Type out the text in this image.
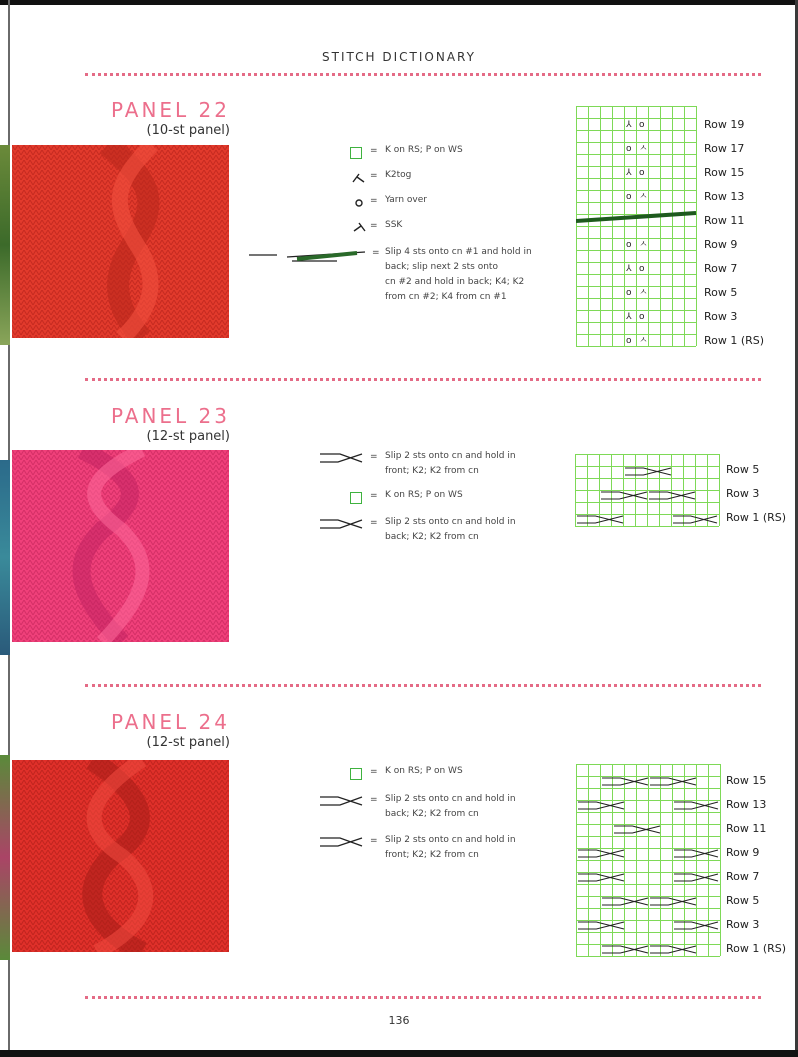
STITCH DICTIONARY
PANEL 22
(10-st panel)
= K on RS; P on WS
= K2tog
= Yarn over
= SSK
= Slip 4 sts onto cn #1 and hold in
back; slip next 2 sts onto
cn #2 and hold in back; K4; K2
from cn #2; K4 from cn #1
⅄ o
o ㅅ
⅄ o
o ㅅ
o ㅅ
⅄ o
o ㅅ
⅄ o
o ㅅ
Row 19
Row 17
Row 15
Row 13
Row 11
Row 9
Row 7
Row 5
Row 3
Row 1 (RS)
PANEL 23
(12-st panel)
= Slip 2 sts onto cn and hold in
front; K2; K2 from cn
= K on RS; P on WS
= Slip 2 sts onto cn and hold in
back; K2; K2 from cn
Row 5
Row 3
Row 1 (RS)
PANEL 24
(12-st panel)
= K on RS; P on WS
= Slip 2 sts onto cn and hold in
back; K2; K2 from cn
= Slip 2 sts onto cn and hold in
front; K2; K2 from cn
Row 15
Row 13
Row 11
Row 9
Row 7
Row 5
Row 3
Row 1 (RS)
136
